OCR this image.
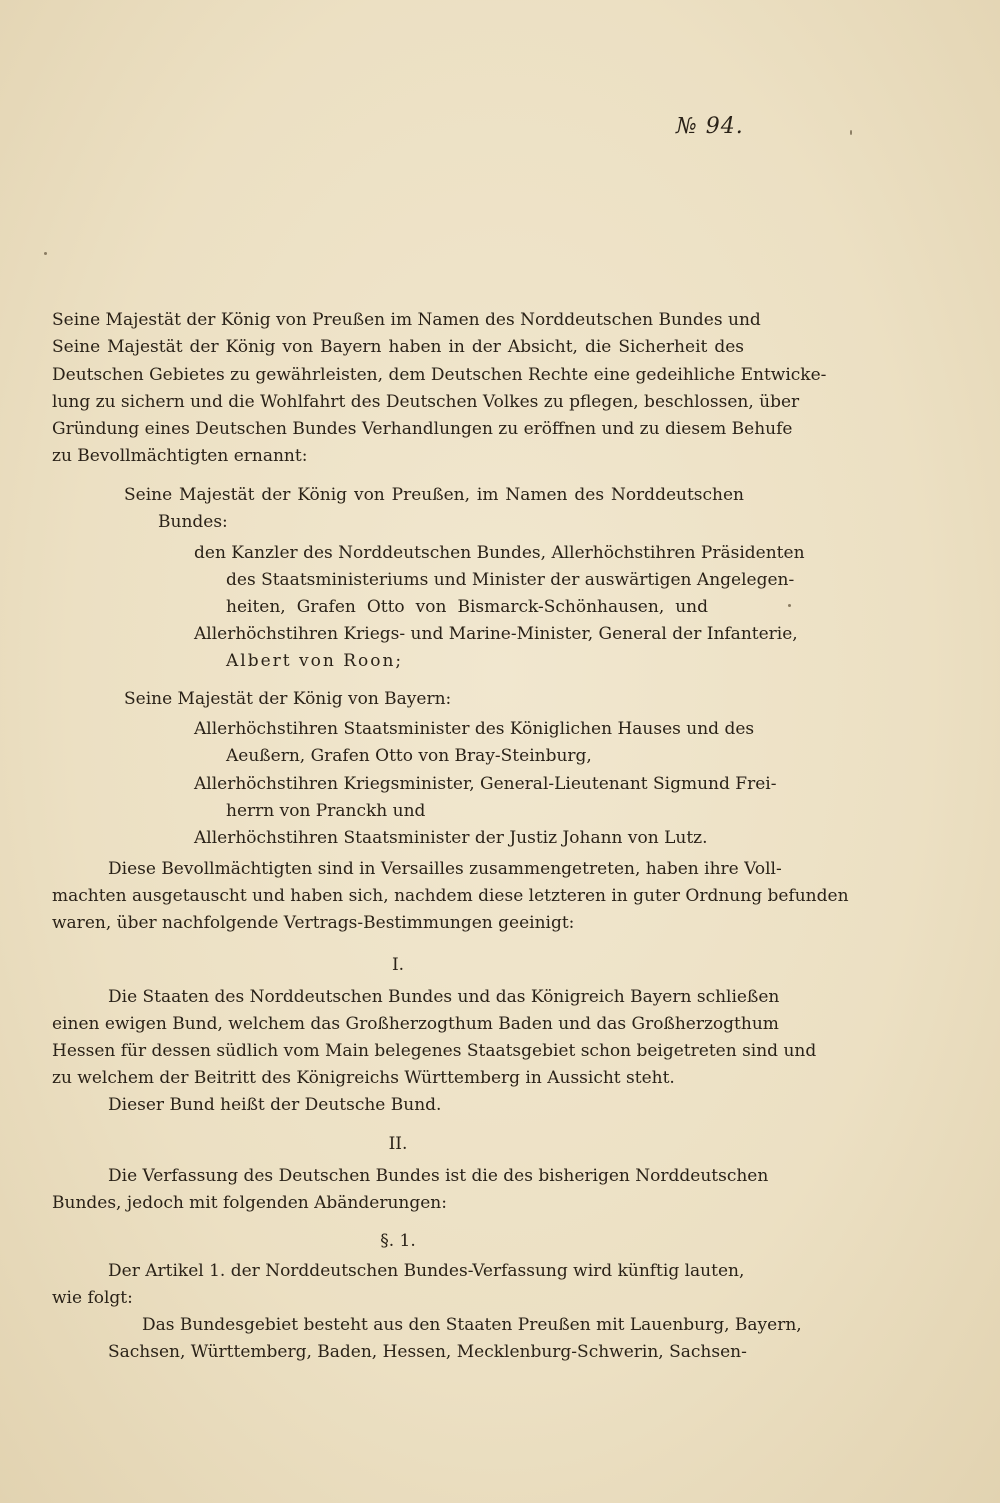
№ 94.
Seine Majestät der König von Preußen im Namen des Norddeutschen Bundes und
Seine Majestät der König von Bayern haben in der Absicht, die Sicherheit des
Deutschen Gebietes zu gewährleisten, dem Deutschen Rechte eine gedeihliche Entwicke-
lung zu sichern und die Wohlfahrt des Deutschen Volkes zu pflegen, beschlossen, über
Gründung eines Deutschen Bundes Verhandlungen zu eröffnen und zu diesem Behufe
zu Bevollmächtigten ernannt:
Seine Majestät der König von Preußen, im Namen des Norddeutschen
Bundes:
den Kanzler des Norddeutschen Bundes, Allerhöchstihren Präsidenten
des Staatsministeriums und Minister der auswärtigen Angelegen-
heiten, Grafen Otto von Bismarck-Schönhausen, und
Allerhöchstihren Kriegs- und Marine-Minister, General der Infanterie,
Albert von Roon;
Seine Majestät der König von Bayern:
Allerhöchstihren Staatsminister des Königlichen Hauses und des
Aeußern, Grafen Otto von Bray-Steinburg,
Allerhöchstihren Kriegsminister, General-Lieutenant Sigmund Frei-
herrn von Pranckh und
Allerhöchstihren Staatsminister der Justiz Johann von Lutz.
Diese Bevollmächtigten sind in Versailles zusammengetreten, haben ihre Voll-
machten ausgetauscht und haben sich, nachdem diese letzteren in guter Ordnung befunden
waren, über nachfolgende Vertrags-Bestimmungen geeinigt:
I.
Die Staaten des Norddeutschen Bundes und das Königreich Bayern schließen
einen ewigen Bund, welchem das Großherzogthum Baden und das Großherzogthum
Hessen für dessen südlich vom Main belegenes Staatsgebiet schon beigetreten sind und
zu welchem der Beitritt des Königreichs Württemberg in Aussicht steht.
Dieser Bund heißt der Deutsche Bund.
II.
Die Verfassung des Deutschen Bundes ist die des bisherigen Norddeutschen
Bundes, jedoch mit folgenden Abänderungen:
§. 1.
Der Artikel 1. der Norddeutschen Bundes-Verfassung wird künftig lauten,
wie folgt:
Das Bundesgebiet besteht aus den Staaten Preußen mit Lauenburg, Bayern,
Sachsen, Württemberg, Baden, Hessen, Mecklenburg-Schwerin, Sachsen-
